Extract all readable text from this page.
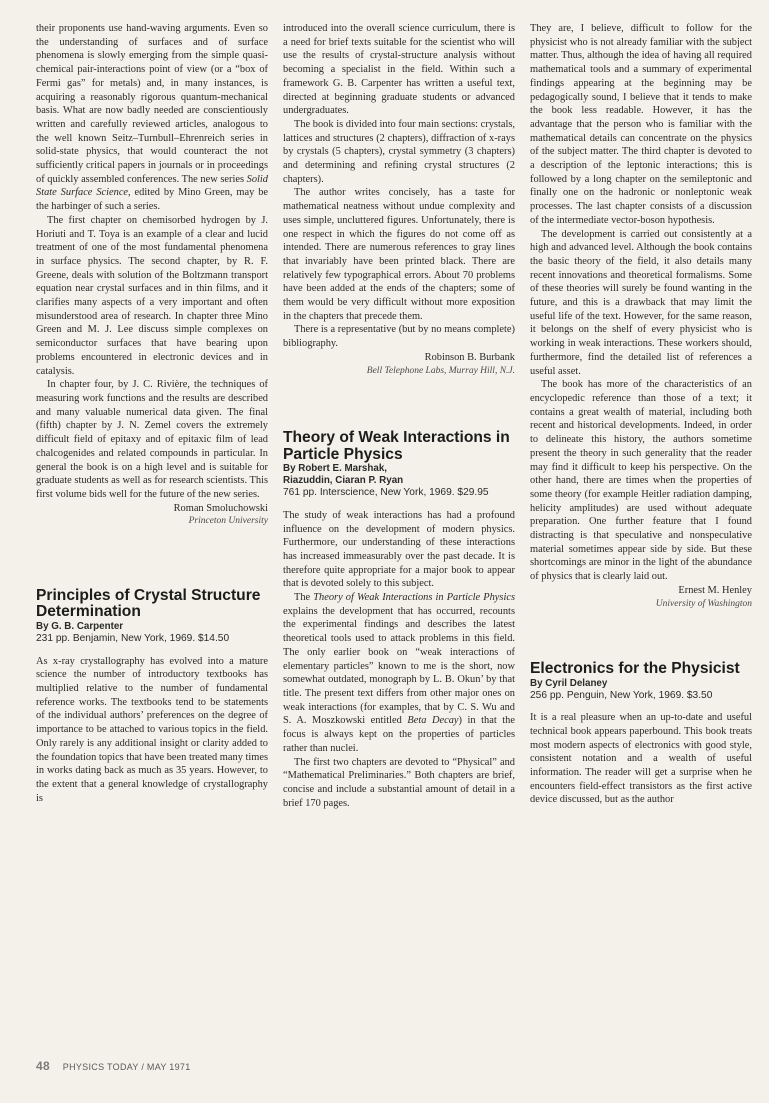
their proponents use hand-waving arguments. Even so the understanding of surfaces and of surface phenomena is slowly emerging from the simple quasi-chemical pair-interactions point of view (or a “box of Fermi gas” for metals) and, in many instances, is acquiring a reasonably rigorous quantum-mechanical basis. What are now badly needed are conscientiously written and carefully reviewed articles, analogous to the well known Seitz–Turnbull–Ehrenreich series in solid-state physics, that would counteract the not sufficiently critical papers in journals or in proceedings of quickly assembled conferences. The new series Solid State Surface Science, edited by Mino Green, may be the harbinger of such a series.

The first chapter on chemisorbed hydrogen by J. Horiuti and T. Toya is an example of a clear and lucid treatment of one of the most fundamental phenomena in surface physics. The second chapter, by R. F. Greene, deals with solution of the Boltzmann transport equation near crystal surfaces and in thin films, and it clarifies many aspects of a very important and often misunderstood area of research. In chapter three Mino Green and M. J. Lee discuss simple complexes on semiconductor surfaces that have bearing upon problems encountered in electronic devices and in catalysis.

In chapter four, by J. C. Rivière, the techniques of measuring work functions and the results are described and many valuable numerical data given. The final (fifth) chapter by J. N. Zemel covers the extremely difficult field of epitaxy and of epitaxic film of lead chalcogenides and related compounds in particular. In general the book is on a high level and is suitable for graduate students as well as for research scientists. This first volume bids well for the future of the new series.

Roman Smoluchowski
Princeton University
Principles of Crystal Structure Determination
By G. B. Carpenter
231 pp. Benjamin, New York, 1969. $14.50

As x-ray crystallography has evolved into a mature science the number of introductory textbooks has multiplied relative to the number of fundamental reference works. The textbooks tend to be statements of the individual authors’ preferences on the degree of importance to be attached to various topics in the field. Only rarely is any additional insight or clarity added to the foundation topics that have been treated many times in works dating back as much as 35 years. However, to the extent that a general knowledge of crystallography is

introduced into the overall science curriculum, there is a need for brief texts suitable for the scientist who will use the results of crystal-structure analysis without becoming a specialist in the field. Within such a framework G. B. Carpenter has written a useful text, directed at beginning graduate students or advanced undergraduates.

The book is divided into four main sections: crystals, lattices and structures (2 chapters), diffraction of x-rays by crystals (5 chapters), crystal symmetry (3 chapters) and determining and refining crystal structures (2 chapters).

The author writes concisely, has a taste for mathematical neatness without undue complexity and uses simple, uncluttered figures. Unfortunately, there is one respect in which the figures do not come off as intended. There are numerous references to gray lines that invariably have been printed black. There are relatively few typographical errors. About 70 problems have been added at the ends of the chapters; some of them would be very difficult without more exposition in the chapters that precede them.

There is a representative (but by no means complete) bibliography.

Robinson B. Burbank
Bell Telephone Labs, Murray Hill, N.J.
Theory of Weak Interactions in Particle Physics
By Robert E. Marshak,
Riazuddin, Ciaran P. Ryan
761 pp. Interscience, New York, 1969. $29.95

The study of weak interactions has had a profound influence on the development of modern physics. Furthermore, our understanding of these interactions has increased immeasurably over the past decade. It is therefore quite appropriate for a major book to appear that is devoted solely to this subject.

The Theory of Weak Interactions in Particle Physics explains the development that has occurred, recounts the experimental findings and describes the latest theoretical tools used to attack problems in this field. The only earlier book on “weak interactions of elementary particles” known to me is the short, now somewhat outdated, monograph by L. B. Okun’ by that title. The present text differs from other major ones on weak interactions (for examples, that by C. S. Wu and S. A. Moszkowski entitled Beta Decay) in that the focus is always kept on the properties of particles rather than nuclei.

The first two chapters are devoted to “Physical” and “Mathematical Preliminaries.” Both chapters are brief, concise and include a substantial amount of detail in a brief 170 pages.

They are, I believe, difficult to follow for the physicist who is not already familiar with the subject matter. Thus, although the idea of having all required mathematical tools and a summary of experimental findings appearing at the beginning may be pedagogically sound, I believe that it tends to make the book less readable. However, it has the advantage that the person who is familiar with the mathematical details can concentrate on the physics of the subject matter. The third chapter is devoted to a description of the leptonic interactions; this is followed by a long chapter on the semileptonic and finally one on the hadronic or nonleptonic weak processes. The last chapter consists of a discussion of the intermediate vector-boson hypothesis.

The development is carried out consistently at a high and advanced level. Although the book contains the basic theory of the field, it also details many recent innovations and theoretical formalisms. Some of these theories will surely be found wanting in the future, and this is a drawback that may limit the useful life of the text. However, for the same reason, it belongs on the shelf of every physicist who is working in weak interactions. These workers should, furthermore, find the detailed list of references a useful asset.

The book has more of the characteristics of an encyclopedic reference than those of a text; it contains a great wealth of material, including both recent and historical developments. Indeed, in order to delineate this history, the authors sometime present the theory in such generality that the reader may find it difficult to keep his perspective. On the other hand, there are times when the properties of some theory (for example Heitler radiation damping, helicity amplitudes) are used without adequate preparation. One further feature that I found distracting is that speculative and nonspeculative material sometimes appear side by side. But these shortcomings are minor in the light of the abundance of physics that is clearly laid out.

Ernest M. Henley
University of Washington
Electronics for the Physicist
By Cyril Delaney
256 pp. Penguin, New York, 1969. $3.50

It is a real pleasure when an up-to-date and useful technical book appears paperbound. This book treats most modern aspects of electronics with good style, consistent notation and a wealth of useful information. The reader will get a surprise when he encounters field-effect transistors as the first active device discussed, but as the author

48 PHYSICS TODAY / MAY 1971
